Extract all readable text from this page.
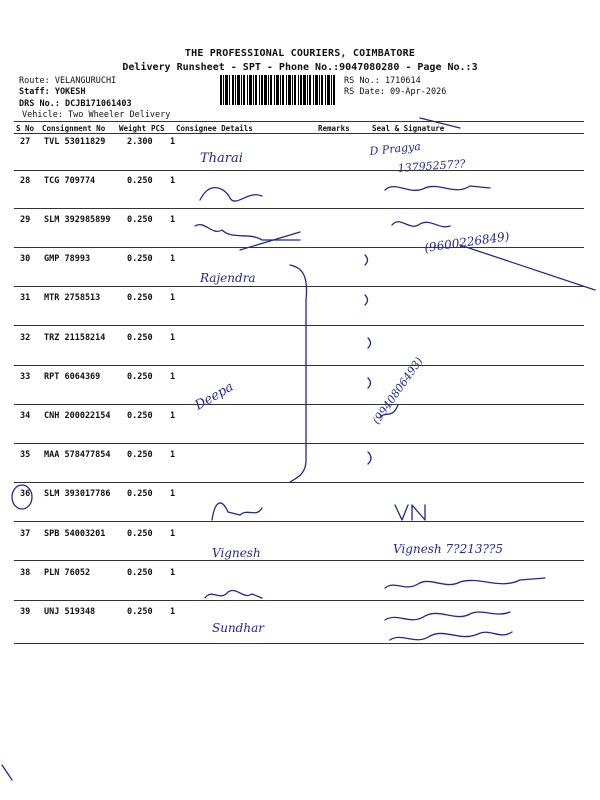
THE PROFESSIONAL COURIERS, COIMBATORE
Delivery Runsheet - SPT - Phone No.:9047080280 - Page No.:3
Route: VELANGURUCHI
Staff: YOKESH
DRS No.: DCJB171061403
Vehicle: Two Wheeler Delivery
RS No.: 1710614
RS Date: 09-Apr-2026
S No Consignment No Weight PCS Consignee Details	Remarks	Seal & Signature
27 TVL 53011829	2.300 1
28 TCG 709774	0.250 1
29 SLM 392985899 0.250 1
30 GMP 78993	0.250 1
31 MTR 2758513	0.250 1
32 TRZ 21158214	0.250 1
33 RPT 6064369	0.250 1
34 CNH 200022154 0.250 1
35 MAA 578477854 0.250 1
36 SLM 393017786 0.250 1
37 SPB 54003201	0.250 1
38 PLN 76052	0.250 1
39 UNJ 519348	0.250 1
Tharai
D Pragya
13795257??
(9600226849)
Rajendra
Deepa	(9940806493)
Vignesh	Vignesh 7?213??5
Sundhar
